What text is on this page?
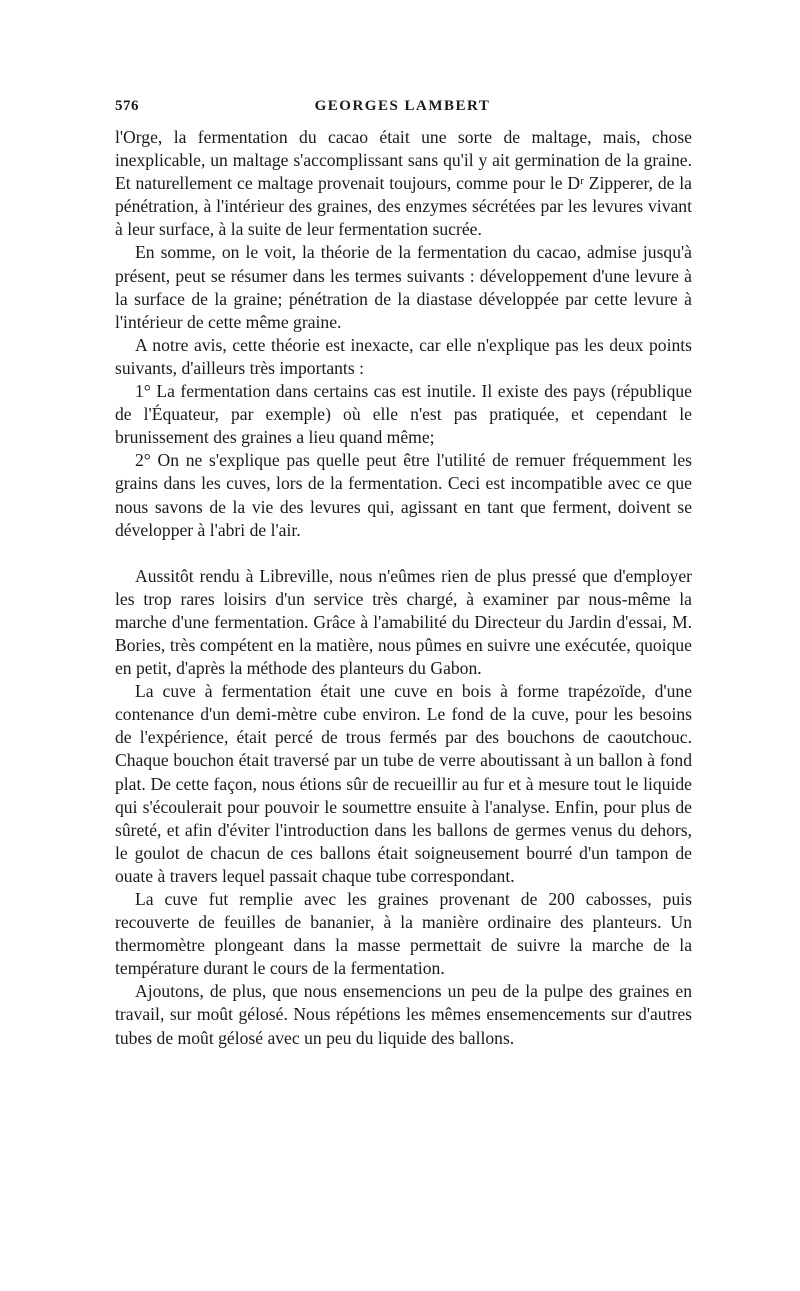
576	GEORGES LAMBERT

l'Orge, la fermentation du cacao était une sorte de maltage, mais, chose inexplicable, un maltage s'accomplissant sans qu'il y ait germination de la graine. Et naturellement ce maltage provenait toujours, comme pour le Dʳ Zipperer, de la pénétration, à l'intérieur des graines, des enzymes sécrétées par les levures vivant à leur surface, à la suite de leur fermentation sucrée.

En somme, on le voit, la théorie de la fermentation du cacao, admise jusqu'à présent, peut se résumer dans les termes suivants : développement d'une levure à la surface de la graine; pénétration de la diastase développée par cette levure à l'intérieur de cette même graine.

A notre avis, cette théorie est inexacte, car elle n'explique pas les deux points suivants, d'ailleurs très importants :

1° La fermentation dans certains cas est inutile. Il existe des pays (république de l'Équateur, par exemple) où elle n'est pas pratiquée, et cependant le brunissement des graines a lieu quand même;

2° On ne s'explique pas quelle peut être l'utilité de remuer fréquemment les grains dans les cuves, lors de la fermentation. Ceci est incompatible avec ce que nous savons de la vie des levures qui, agissant en tant que ferment, doivent se développer à l'abri de l'air.

Aussitôt rendu à Libreville, nous n'eûmes rien de plus pressé que d'employer les trop rares loisirs d'un service très chargé, à examiner par nous-même la marche d'une fermentation. Grâce à l'amabilité du Directeur du Jardin d'essai, M. Bories, très compétent en la matière, nous pûmes en suivre une exécutée, quoique en petit, d'après la méthode des planteurs du Gabon.

La cuve à fermentation était une cuve en bois à forme trapézoïde, d'une contenance d'un demi-mètre cube environ. Le fond de la cuve, pour les besoins de l'expérience, était percé de trous fermés par des bouchons de caoutchouc. Chaque bouchon était traversé par un tube de verre aboutissant à un ballon à fond plat. De cette façon, nous étions sûr de recueillir au fur et à mesure tout le liquide qui s'écoulerait pour pouvoir le soumettre ensuite à l'analyse. Enfin, pour plus de sûreté, et afin d'éviter l'introduction dans les ballons de germes venus du dehors, le goulot de chacun de ces ballons était soigneusement bourré d'un tampon de ouate à travers lequel passait chaque tube correspondant.

La cuve fut remplie avec les graines provenant de 200 cabosses, puis recouverte de feuilles de bananier, à la manière ordinaire des planteurs. Un thermomètre plongeant dans la masse permettait de suivre la marche de la température durant le cours de la fermentation.

Ajoutons, de plus, que nous ensemencions un peu de la pulpe des graines en travail, sur moût gélosé. Nous répétions les mêmes ensemencements sur d'autres tubes de moût gélosé avec un peu du liquide des ballons.
